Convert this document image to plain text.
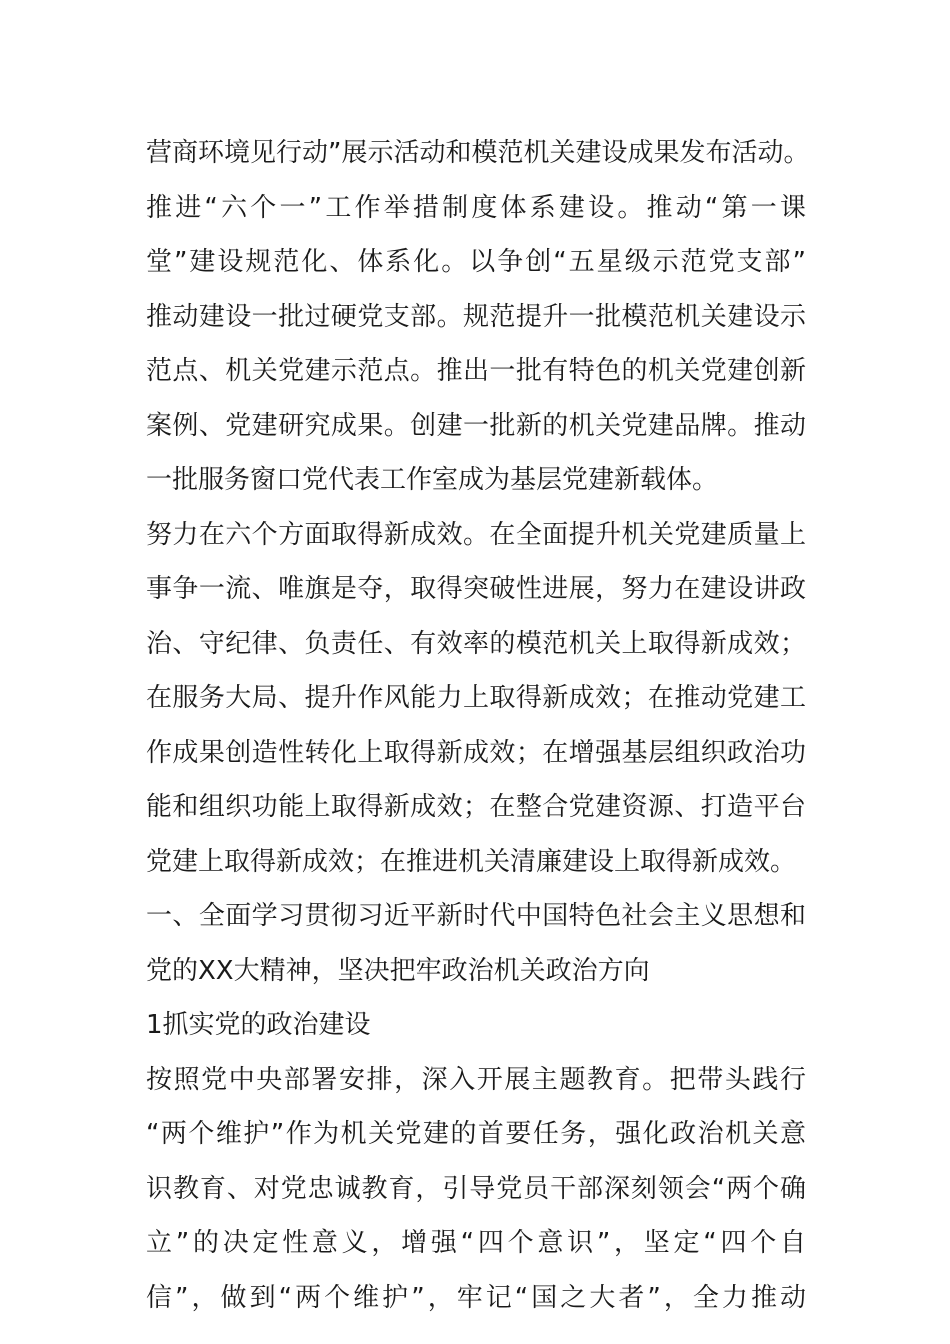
营商环境见行动”展示活动和模范机关建设成果发布活动。
推进“六个一”工作举措制度体系建设。推动“第一课
堂”建设规范化、体系化。以争创“五星级示范党支部”
推动建设一批过硬党支部。规范提升一批模范机关建设示
范点、机关党建示范点。推出一批有特色的机关党建创新
案例、党建研究成果。创建一批新的机关党建品牌。推动
一批服务窗口党代表工作室成为基层党建新载体。
努力在六个方面取得新成效。在全面提升机关党建质量上
事争一流、唯旗是夺，取得突破性进展，努力在建设讲政
治、守纪律、负责任、有效率的模范机关上取得新成效；
在服务大局、提升作风能力上取得新成效；在推动党建工
作成果创造性转化上取得新成效；在增强基层组织政治功
能和组织功能上取得新成效；在整合党建资源、打造平台
党建上取得新成效；在推进机关清廉建设上取得新成效。
一、全面学习贯彻习近平新时代中国特色社会主义思想和
党的XX大精神，坚决把牢政治机关政治方向
1抓实党的政治建设
按照党中央部署安排，深入开展主题教育。把带头践行
“两个维护”作为机关党建的首要任务，强化政治机关意
识教育、对党忠诚教育，引导党员干部深刻领会“两个确
立”的决定性意义，增强“四个意识”，坚定“四个自
信”，做到“两个维护”，牢记“国之大者”，全力推动
